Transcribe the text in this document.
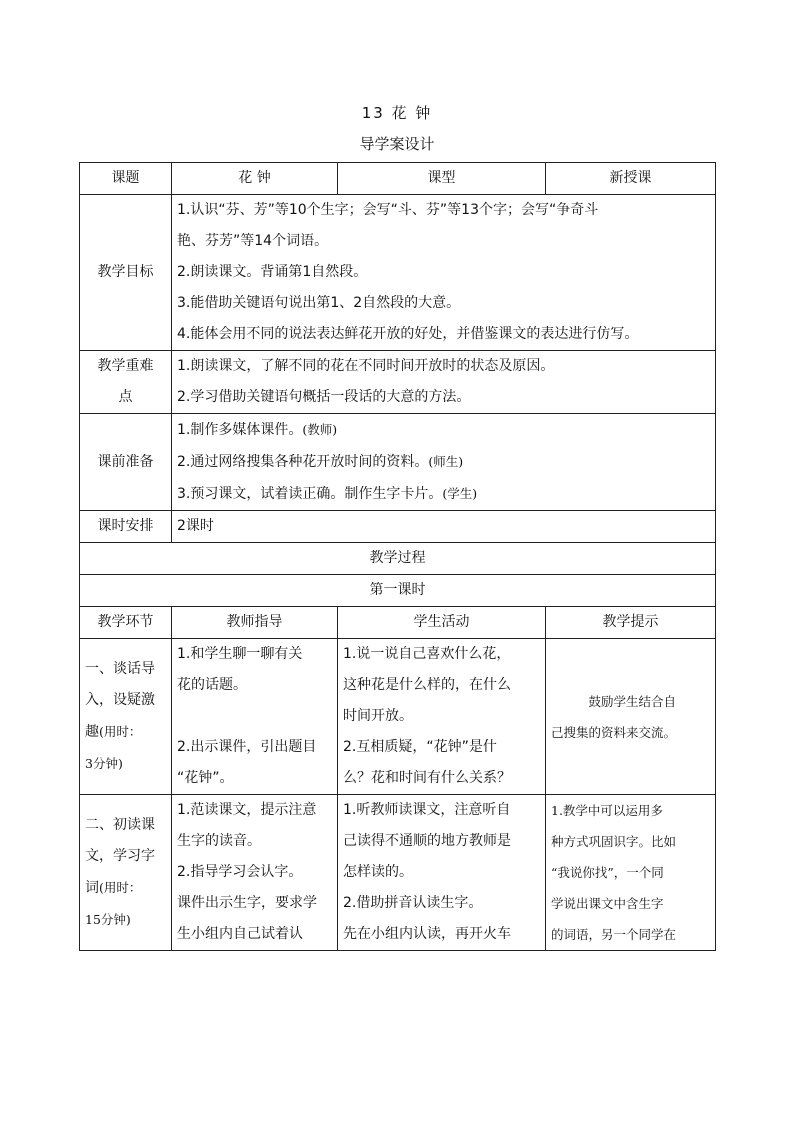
13 花 钟
导学案设计
课题	花 钟	课型	新授课
教学目标	1.认识“芬、芳”等10个生字；会写“斗、芬”等13个字；会写“争奇斗
艳、芬芳”等14个词语。
2.朗读课文。背诵第1自然段。
3.能借助关键语句说出第1、2自然段的大意。
4.能体会用不同的说法表达鲜花开放的好处，并借鉴课文的表达进行仿写。		

教学重难
点	1.朗读课文，了解不同的花在不同时间开放时的状态及原因。
2.学习借助关键语句概括一段话的大意的方法。		

课前准备	1.制作多媒体课件。(教师)
2.通过网络搜集各种花开放时间的资料。(师生)
3.预习课文，试着读正确。制作生字卡片。(学生)		

课时安排	2课时		
教学过程			
第一课时			
教学环节	教师指导	学生活动	教学提示

一、谈话导
入，设疑激
趣(用时：
3分钟)	1.和学生聊一聊有关
花的话题。
2.出示课件，引出题目
“花钟”。	1.说一说自己喜欢什么花，
这种花是什么样的，在什么
时间开放。
2.互相质疑，“花钟”是什
么？花和时间有什么关系？	鼓励学生结合自
己搜集的资料来交流。

二、初读课
文，学习字
词(用时：
15分钟)	1.范读课文，提示注意
生字的读音。
2.指导学习会认字。
课件出示生字，要求学
生小组内自己试着认	1.听教师读课文，注意听自
己读得不通顺的地方教师是
怎样读的。
2.借助拼音认读生字。
先在小组内认读，再开火车	1.教学中可以运用多
种方式巩固识字。比如
“我说你找”，一个同
学说出课文中含生字
的词语，另一个同学在
